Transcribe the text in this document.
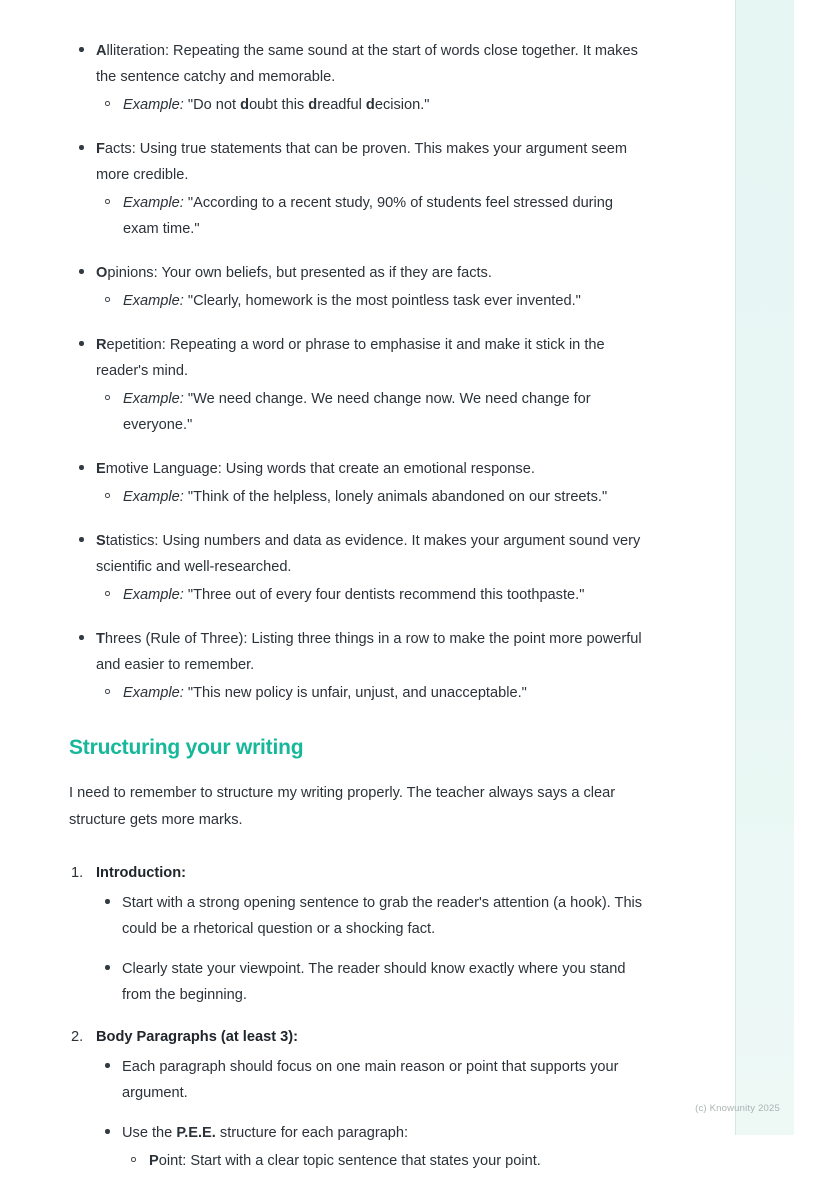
(c) Knowunity 2025
Alliteration: Repeating the same sound at the start of words close together. It makes the sentence catchy and memorable.
Example: "Do not doubt this dreadful decision."
Facts: Using true statements that can be proven. This makes your argument seem more credible.
Example: "According to a recent study, 90% of students feel stressed during exam time."
Opinions: Your own beliefs, but presented as if they are facts.
Example: "Clearly, homework is the most pointless task ever invented."
Repetition: Repeating a word or phrase to emphasise it and make it stick in the reader's mind.
Example: "We need change. We need change now. We need change for everyone."
Emotive Language: Using words that create an emotional response.
Example: "Think of the helpless, lonely animals abandoned on our streets."
Statistics: Using numbers and data as evidence. It makes your argument sound very scientific and well-researched.
Example: "Three out of every four dentists recommend this toothpaste."
Threes (Rule of Three): Listing three things in a row to make the point more powerful and easier to remember.
Example: "This new policy is unfair, unjust, and unacceptable."
Structuring your writing

I need to remember to structure my writing properly. The teacher always says a clear structure gets more marks.

Introduction:
Start with a strong opening sentence to grab the reader's attention (a hook). This could be a rhetorical question or a shocking fact.
Clearly state your viewpoint. The reader should know exactly where you stand from the beginning.
Body Paragraphs (at least 3):
Each paragraph should focus on one main reason or point that supports your argument.
Use the P.E.E. structure for each paragraph:
Point: Start with a clear topic sentence that states your point.
